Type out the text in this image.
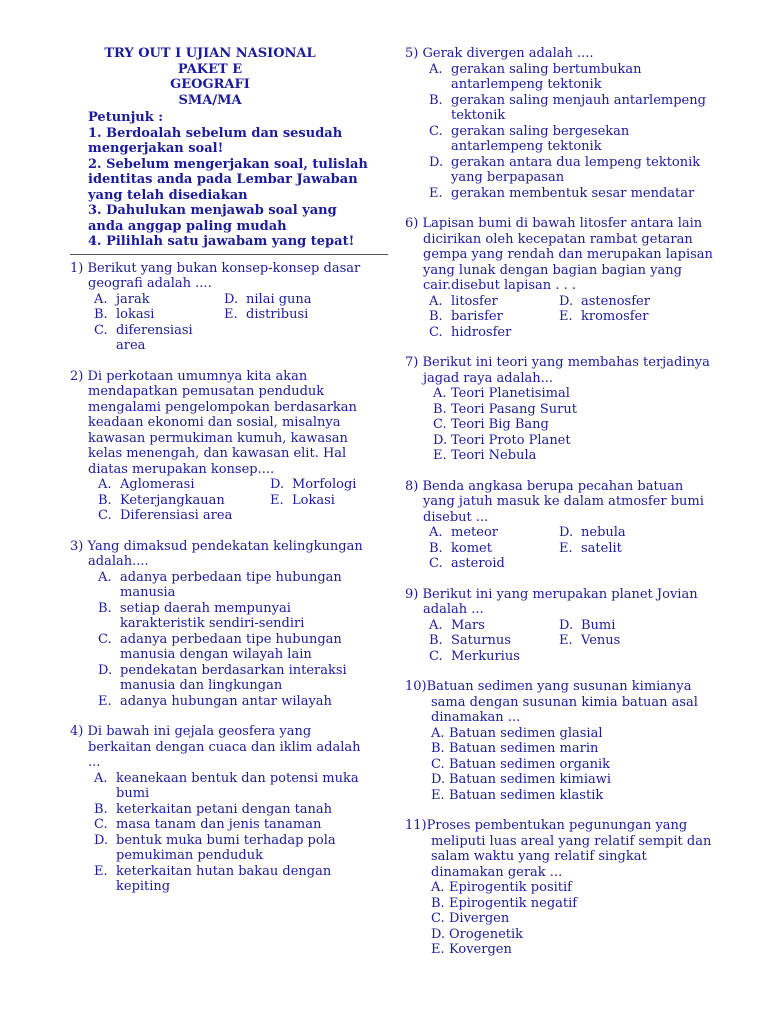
TRY OUT I UJIAN NASIONAL
PAKET E
GEOGRAFI
SMA/MA
Petunjuk :
1. Berdoalah sebelum dan sesudah mengerjakan soal!
2. Sebelum mengerjakan soal, tulislah identitas anda pada Lembar Jawaban yang telah disediakan
3. Dahulukan menjawab soal yang anda anggap paling mudah
4. Pilihlah satu jawabam yang tepat!
1) Berikut yang bukan konsep-konsep dasar geografi adalah ....
A. jarak	D. nilai guna
B. lokasi	E. distribusi
C. diferensiasi area
2) Di perkotaan umumnya kita akan mendapatkan pemusatan penduduk mengalami pengelompokan berdasarkan keadaan ekonomi dan sosial, misalnya kawasan permukiman kumuh, kawasan kelas menengah, dan kawasan elit. Hal diatas merupakan konsep....
A. Aglomerasi	D. Morfologi
B. Keterjangkauan	E. Lokasi
C. Diferensiasi area
3) Yang dimaksud pendekatan kelingkungan adalah....
A. adanya perbedaan tipe hubungan manusia
B. setiap daerah mempunyai karakteristik sendiri-sendiri
C. adanya perbedaan tipe hubungan manusia dengan wilayah lain
D. pendekatan berdasarkan interaksi manusia dan lingkungan
E. adanya hubungan antar wilayah
4) Di bawah ini gejala geosfera yang berkaitan dengan cuaca dan iklim adalah ...
A. keanekaan bentuk dan potensi muka bumi
B. keterkaitan petani dengan tanah
C. masa tanam dan jenis tanaman
D. bentuk muka bumi terhadap pola pemukiman penduduk
E. keterkaitan hutan bakau dengan kepiting
5) Gerak divergen adalah ....
A. gerakan saling bertumbukan antarlempeng tektonik
B. gerakan saling menjauh antarlempeng tektonik
C. gerakan saling bergesekan antarlempeng tektonik
D. gerakan antara dua lempeng tektonik yang berpapasan
E. gerakan membentuk sesar mendatar
6) Lapisan bumi di bawah litosfer antara lain dicirikan oleh kecepatan rambat getaran gempa yang rendah dan merupakan lapisan yang lunak dengan bagian bagian yang cair.disebut lapisan . . .
A. litosfer	D. astenosfer
B. barisfer	E. kromosfer
C. hidrosfer
7) Berikut ini teori yang membahas terjadinya jagad raya adalah...
A. Teori Planetisimal
B. Teori Pasang Surut
C. Teori Big Bang
D. Teori Proto Planet
E. Teori Nebula
8) Benda angkasa berupa pecahan batuan yang jatuh masuk ke dalam atmosfer bumi disebut ...
A. meteor	D. nebula
B. komet	E. satelit
C. asteroid
9) Berikut ini yang merupakan planet Jovian adalah ...
A. Mars	D. Bumi
B. Saturnus	E. Venus
C. Merkurius
10)Batuan sedimen yang susunan kimianya sama dengan susunan kimia batuan asal dinamakan ...
A. Batuan sedimen glasial
B. Batuan sedimen marin
C. Batuan sedimen organik
D. Batuan sedimen kimiawi
E. Batuan sedimen klastik
11)Proses pembentukan pegunungan yang meliputi luas areal yang relatif sempit dan salam waktu yang relatif singkat dinamakan gerak ...
A. Epirogentik positif
B. Epirogentik negatif
C. Divergen
D. Orogenetik
E. Kovergen
